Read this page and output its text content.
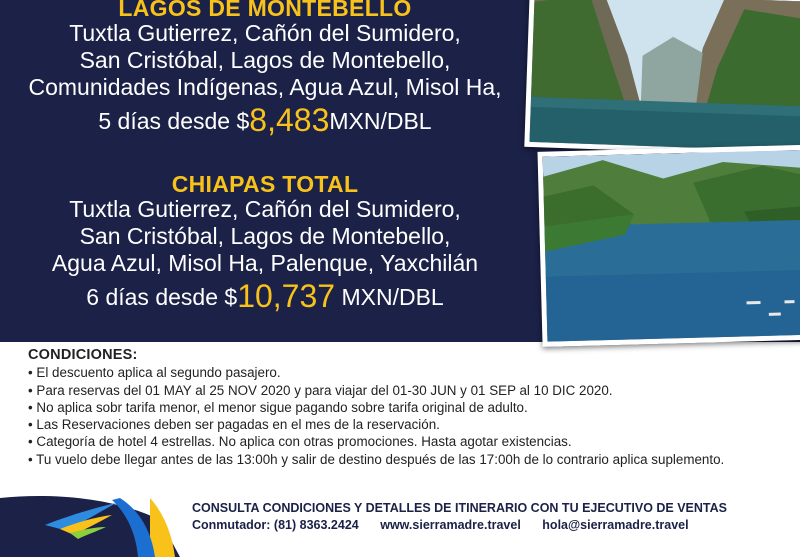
LAGOS DE MONTEBELLO
Tuxtla Gutierrez, Cañón del Sumidero,
San Cristóbal, Lagos de Montebello,
Comunidades Indígenas, Agua Azul, Misol Ha,
5 días desde $8,483MXN/DBL
CHIAPAS TOTAL
Tuxtla Gutierrez, Cañón del Sumidero,
San Cristóbal, Lagos de Montebello,
Agua Azul, Misol Ha, Palenque, Yaxchilán
6 días desde $10,737 MXN/DBL
CONDICIONES:
• El descuento aplica al segundo pasajero.
• Para reservas del 01 MAY al 25 NOV 2020 y para viajar del 01-30 JUN y 01 SEP al 10 DIC 2020.
• No aplica sobr tarifa menor, el menor sigue pagando sobre tarifa original de adulto.
• Las Reservaciones deben ser pagadas en el mes de la reservación.
• Categoría de hotel 4 estrellas. No aplica con otras promociones. Hasta agotar existencias.
• Tu vuelo debe llegar antes de las 13:00h y salir de destino después de las 17:00h de lo contrario aplica suplemento.
CONSULTA CONDICIONES Y DETALLES DE ITINERARIO CON TU EJECUTIVO DE VENTAS
Conmutador: (81) 8363.2424 www.sierramadre.travel hola@sierramadre.travel
